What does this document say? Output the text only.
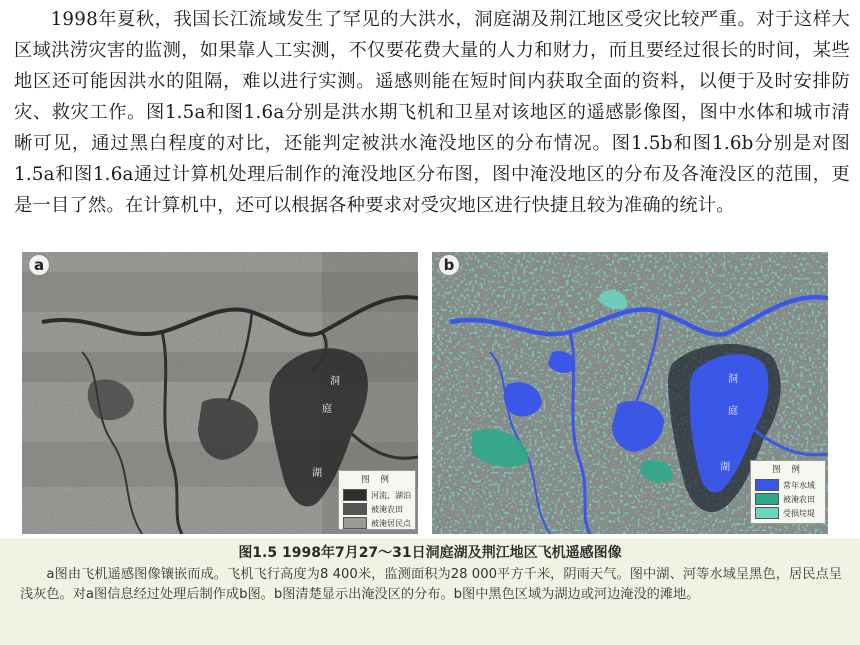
1998年夏秋，我国长江流域发生了罕见的大洪水，洞庭湖及荆江地区受灾比较严重。对于这样大区域洪涝灾害的监测，如果靠人工实测，不仅要花费大量的人力和财力，而且要经过很长的时间，某些地区还可能因洪水的阻隔，难以进行实测。遥感则能在短时间内获取全面的资料，以便于及时安排防灾、救灾工作。图1.5a和图1.6a分别是洪水期飞机和卫星对该地区的遥感影像图，图中水体和城市清晰可见，通过黑白程度的对比，还能判定被洪水淹没地区的分布情况。图1.5b和图1.6b分别是对图1.5a和图1.6a通过计算机处理后制作的淹没地区分布图，图中淹没地区的分布及各淹没区的范围，更是一目了然。在计算机中，还可以根据各种要求对受灾地区进行快捷且较为准确的统计。

a
洞
庭
湖
图 例
河流、湖泊
被淹农田
被淹居民点
b
洞
庭
湖	图 例
常年水域
被淹农田
受损垸堤
图1.5 1998年7月27～31日洞庭湖及荆江地区飞机遥感图像

a图由飞机遥感图像镶嵌而成。飞机飞行高度为8 400米，监测面积为28 000平方千米，阴雨天气。图中湖、河等水域呈黑色，居民点呈浅灰色。对a图信息经过处理后制作成b图。b图清楚显示出淹没区的分布。b图中黑色区域为湖边或河边淹没的滩地。
